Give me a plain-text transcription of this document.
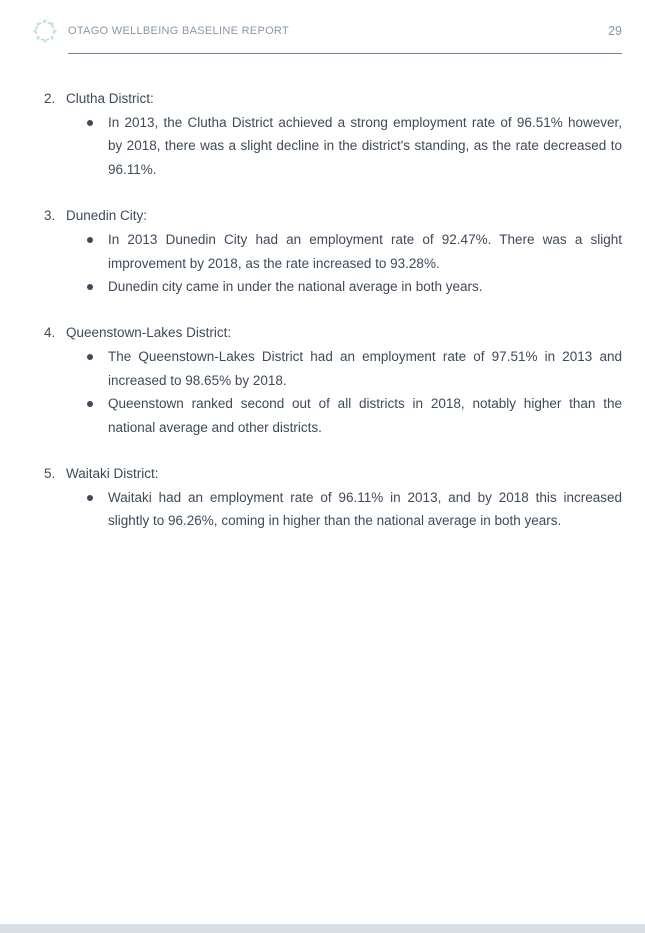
OTAGO WELLBEING BASELINE REPORT	29
2. Clutha District:
In 2013, the Clutha District achieved a strong employment rate of 96.51% however, by 2018, there was a slight decline in the district's standing, as the rate decreased to 96.11%.
3. Dunedin City:
In 2013 Dunedin City had an employment rate of 92.47%. There was a slight improvement by 2018, as the rate increased to 93.28%.
Dunedin city came in under the national average in both years.
4. Queenstown-Lakes District:
The Queenstown-Lakes District had an employment rate of 97.51% in 2013 and increased to 98.65% by 2018.
Queenstown ranked second out of all districts in 2018, notably higher than the national average and other districts.
5. Waitaki District:
Waitaki had an employment rate of 96.11% in 2013, and by 2018 this increased slightly to 96.26%, coming in higher than the national average in both years.
